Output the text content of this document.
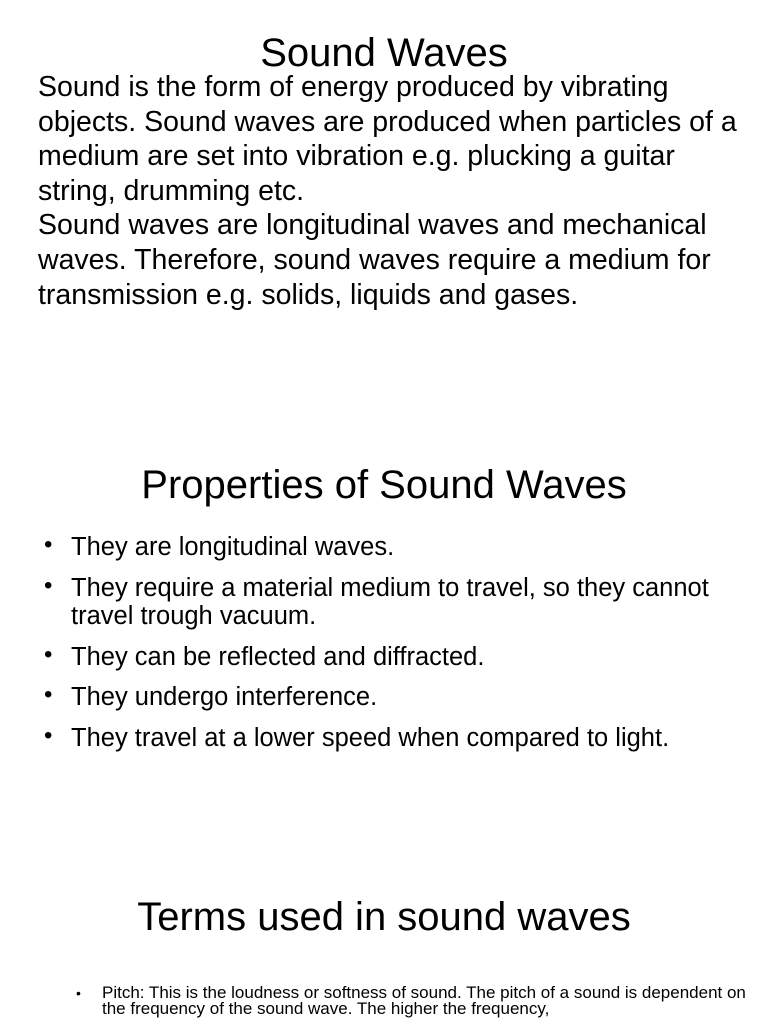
Sound Waves

Sound is the form of energy produced by vibrating objects. Sound waves are produced when particles of a medium are set into vibration e.g. plucking a guitar string, drumming etc.

Sound waves are longitudinal waves and mechanical waves. Therefore, sound waves require a medium for transmission e.g. solids, liquids and gases.

Properties of Sound Waves
• They are longitudinal waves.
• They require a material medium to travel, so they cannot travel trough vacuum.
• They can be reflected and diffracted.
• They undergo interference.
• They travel at a lower speed when compared to light.
Terms used in sound waves
• Pitch: This is the loudness or softness of sound. The pitch of a sound is dependent on the frequency of the sound wave. The higher the frequency,
